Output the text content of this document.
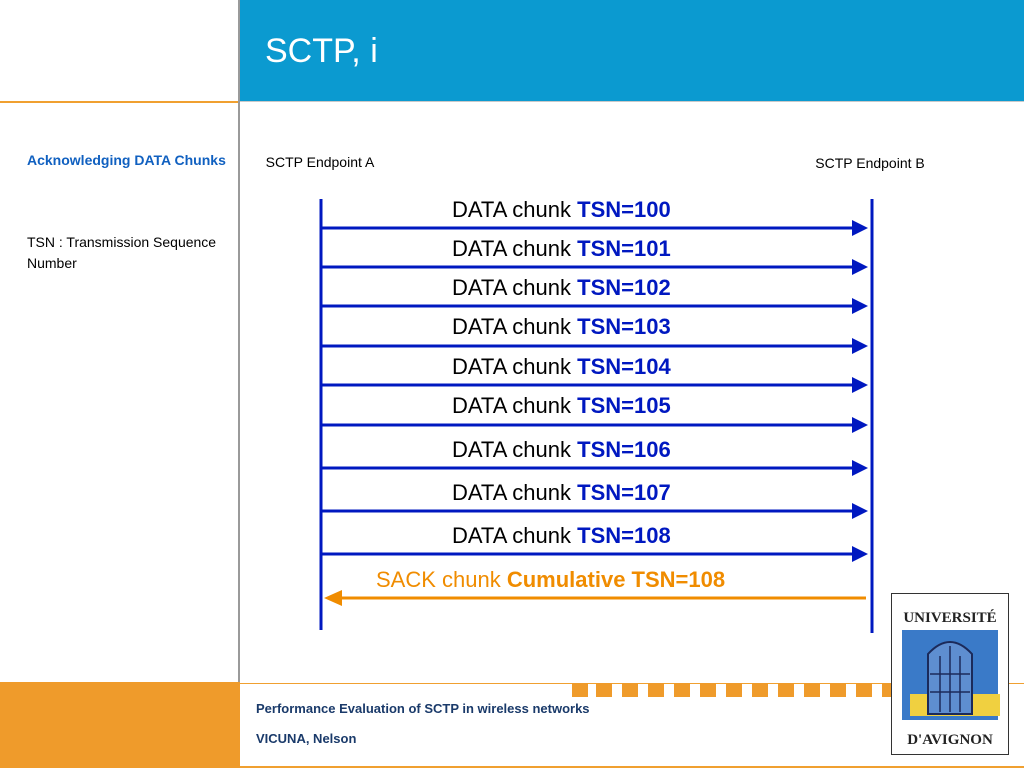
SCTP, i
Acknowledging DATA Chunks
TSN : Transmission Sequence Number
SCTP Endpoint A	SCTP Endpoint B
DATA chunk TSN=100
DATA chunk TSN=101
DATA chunk TSN=102
DATA chunk TSN=103
DATA chunk TSN=104
DATA chunk TSN=105
DATA chunk TSN=106
DATA chunk TSN=107
DATA chunk TSN=108
SACK chunk Cumulative TSN=108
Performance Evaluation of SCTP in wireless networks
VICUNA, Nelson
UNIVERSITÉ
D'AVIGNON
